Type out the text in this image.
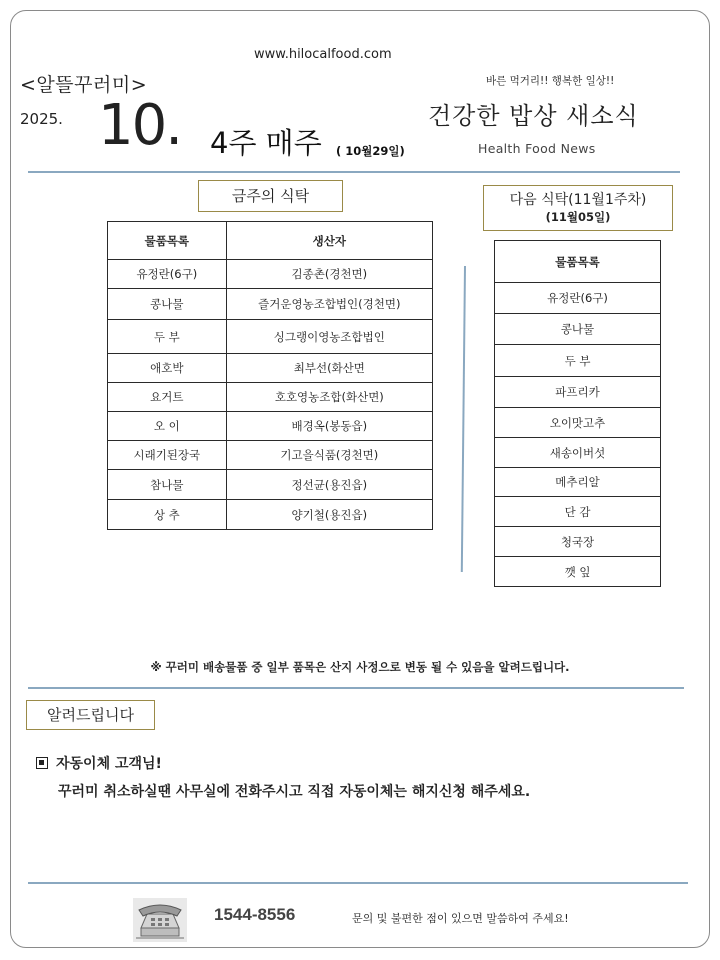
www.hilocalfood.com
<알뜰꾸러미>	바른 먹거리!! 행복한 일상!!
2025. 10. 4주 매주 ( 10월29일)
건강한 밥상 새소식
Health Food News
금주의 식탁
물품목록	생산자
유정란(6구)	김종촌(경천면)
콩나물	즐거운영농조합법인(경천면)
두 부	싱그랭이영농조합법인
애호박	최부선(화산면
요거트	호호영농조합(화산면)
오 이	배경옥(봉동읍)
시래기된장국	기고을식품(경천면)
참나물	정선균(용진읍)
상 추	양기철(용진읍)
다음 식탁(11월1주차)
(11월05일)
물품목록
유정란(6구)
콩나물
두 부
파프리카
오이맛고추
새송이버섯
메추리알
단 감
청국장
깻 잎
※ 꾸러미 배송물품 중 일부 품목은 산지 사정으로 변동 될 수 있음을 알려드립니다.
알려드립니다
자동이체 고객님!
꾸러미 취소하실땐 사무실에 전화주시고 직접 자동이체는 해지신청 해주세요.
1544-8556	문의 및 불편한 점이 있으면 말씀하여 주세요!
